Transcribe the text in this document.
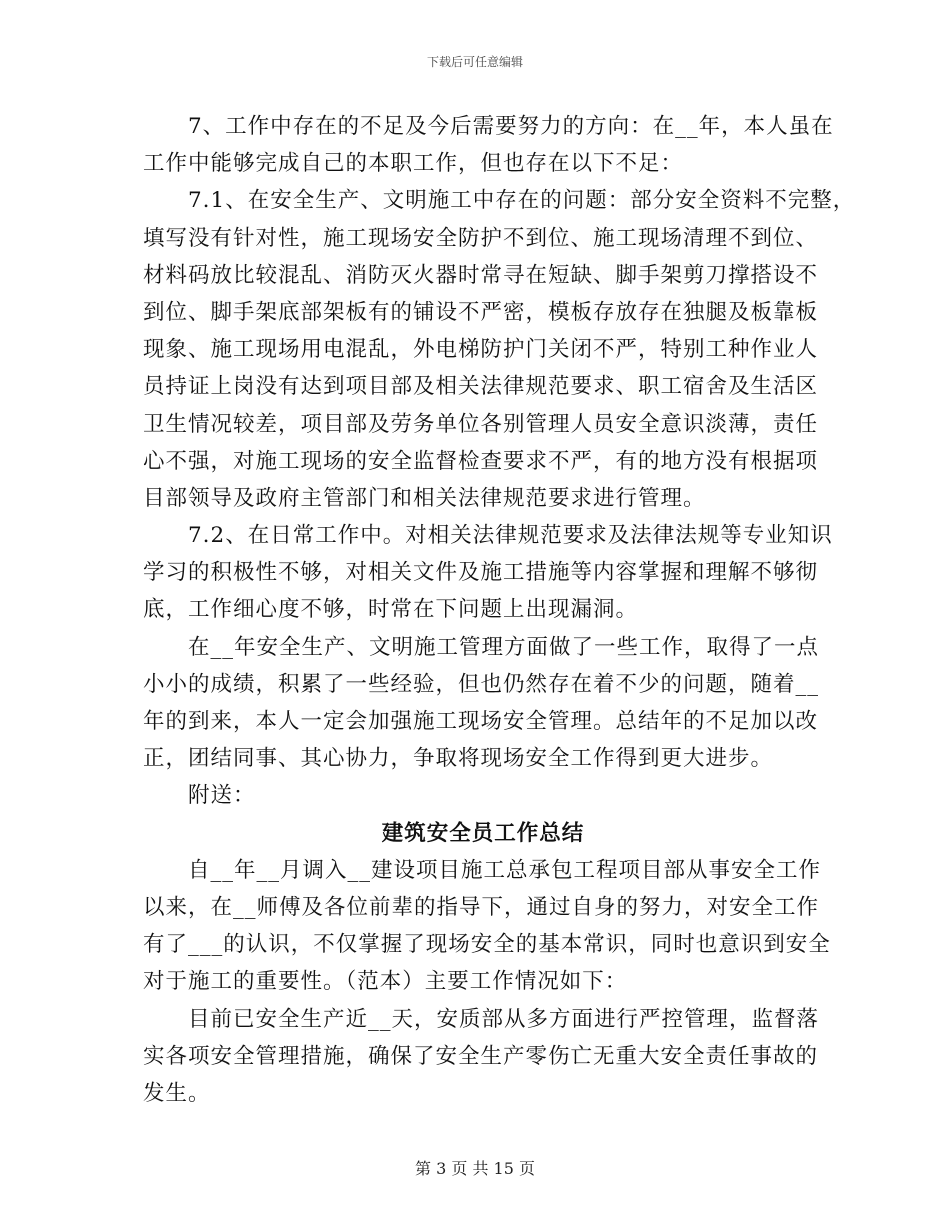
下载后可任意编辑
　　7、工作中存在的不足及今后需要努力的方向：在__年，本人虽在
工作中能够完成自己的本职工作，但也存在以下不足：
　　7.1、在安全生产、文明施工中存在的问题：部分安全资料不完整，
填写没有针对性，施工现场安全防护不到位、施工现场清理不到位、
材料码放比较混乱、消防灭火器时常寻在短缺、脚手架剪刀撑搭设不
到位、脚手架底部架板有的铺设不严密，模板存放存在独腿及板靠板
现象、施工现场用电混乱，外电梯防护门关闭不严，特别工种作业人
员持证上岗没有达到项目部及相关法律规范要求、职工宿舍及生活区
卫生情况较差，项目部及劳务单位各别管理人员安全意识淡薄，责任
心不强，对施工现场的安全监督检查要求不严，有的地方没有根据项
目部领导及政府主管部门和相关法律规范要求进行管理。
　　7.2、在日常工作中。对相关法律规范要求及法律法规等专业知识
学习的积极性不够，对相关文件及施工措施等内容掌握和理解不够彻
底，工作细心度不够，时常在下问题上出现漏洞。
　　在__年安全生产、文明施工管理方面做了一些工作，取得了一点
小小的成绩，积累了一些经验，但也仍然存在着不少的问题，随着__
年的到来，本人一定会加强施工现场安全管理。总结年的不足加以改
正，团结同事、其心协力，争取将现场安全工作得到更大进步。
　　附送：
建筑安全员工作总结
　　自__年__月调入__建设项目施工总承包工程项目部从事安全工作
以来，在__师傅及各位前辈的指导下，通过自身的努力，对安全工作
有了___的认识，不仅掌握了现场安全的基本常识，同时也意识到安全
对于施工的重要性。（范本）主要工作情况如下：
　　目前已安全生产近__天，安质部从多方面进行严控管理，监督落
实各项安全管理措施，确保了安全生产零伤亡无重大安全责任事故的
发生。
第 3 页 共 15 页
